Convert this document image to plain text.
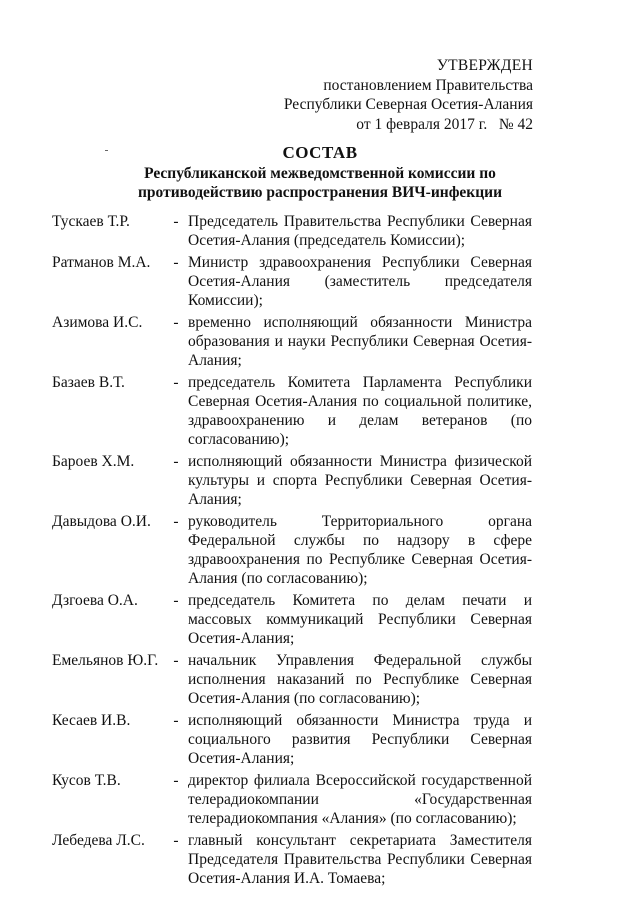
УТВЕРЖДЕН
постановлением Правительства
Республики Северная Осетия-Алания
от 1 февраля 2017 г.   № 42
СОСТАВ
Республиканской межведомственной комиссии по
противодействию распространения ВИЧ-инфекции
Тускаев Т.Р.	- Председатель Правительства Республики Северная Осетия-Алания (председатель Комиссии);
Ратманов М.А.	- Министр здравоохранения Республики Северная Осетия-Алания (заместитель председателя Комиссии);
Азимова И.С.	- временно исполняющий обязанности Министра образования и науки Республики Северная Осетия-Алания;
Базаев В.Т.	- председатель Комитета Парламента Республики Северная Осетия-Алания по социальной политике, здравоохранению и делам ветеранов (по согласованию);
Бароев Х.М.	- исполняющий обязанности Министра физической культуры и спорта Республики Северная Осетия-Алания;
Давыдова О.И.	- руководитель Территориального органа Федеральной службы по надзору в сфере здравоохранения по Республике Северная Осетия-Алания (по согласованию);
Дзгоева О.А.	- председатель Комитета по делам печати и массовых коммуникаций Республики Северная Осетия-Алания;
Емельянов Ю.Г. - начальник Управления Федеральной службы исполнения наказаний по Республике Северная Осетия-Алания (по согласованию);
Кесаев И.В.	- исполняющий обязанности Министра труда и социального развития Республики Северная Осетия-Алания;
Кусов Т.В.	- директор филиала Всероссийской государственной телерадиокомпании «Государственная телерадиокомпания «Алания» (по согласованию);
Лебедева Л.С.	- главный консультант секретариата Заместителя Председателя Правительства Республики Северная Осетия-Алания И.А. Томаева;
